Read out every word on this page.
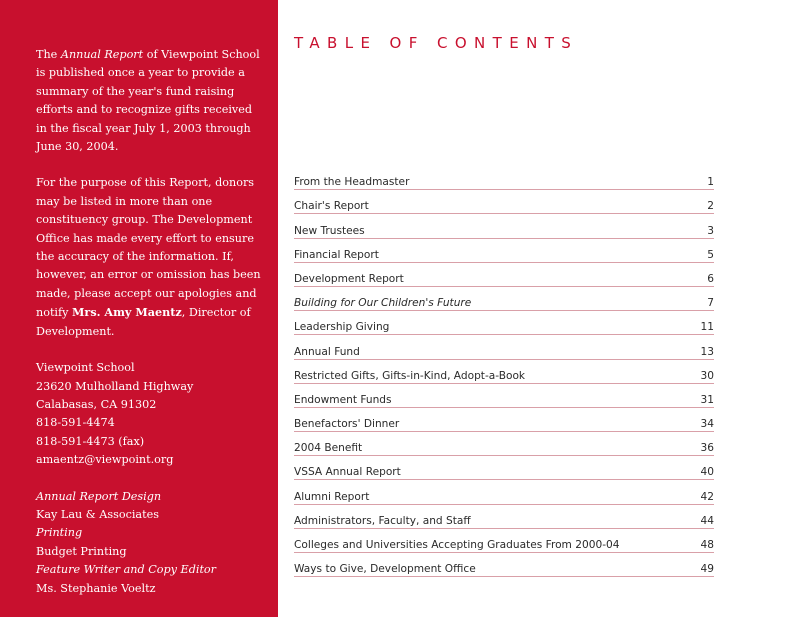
The Annual Report of Viewpoint School is published once a year to provide a summary of the year's fund raising efforts and to recognize gifts received in the fiscal year July 1, 2003 through June 30, 2004.

For the purpose of this Report, donors may be listed in more than one constituency group. The Development Office has made every effort to ensure the accuracy of the information. If, however, an error or omission has been made, please accept our apologies and notify Mrs. Amy Maentz, Director of Development.

Viewpoint School
23620 Mulholland Highway
Calabasas, CA 91302
818-591-4474
818-591-4473 (fax)
amaentz@viewpoint.org

Annual Report Design
Kay Lau & Associates
Printing
Budget Printing
Feature Writer and Copy Editor
Ms. Stephanie Voeltz

TABLE OF CONTENTS
From the Headmaster	1
Chair's Report	2
New Trustees	3
Financial Report	5
Development Report	6
Building for Our Children's Future	7
Leadership Giving	11
Annual Fund	13
Restricted Gifts, Gifts-in-Kind, Adopt-a-Book	30
Endowment Funds	31
Benefactors' Dinner	34
2004 Benefit	36
VSSA Annual Report	40
Alumni Report	42
Administrators, Faculty, and Staff	44
Colleges and Universities Accepting Graduates From 2000-04	48
Ways to Give, Development Office	49
